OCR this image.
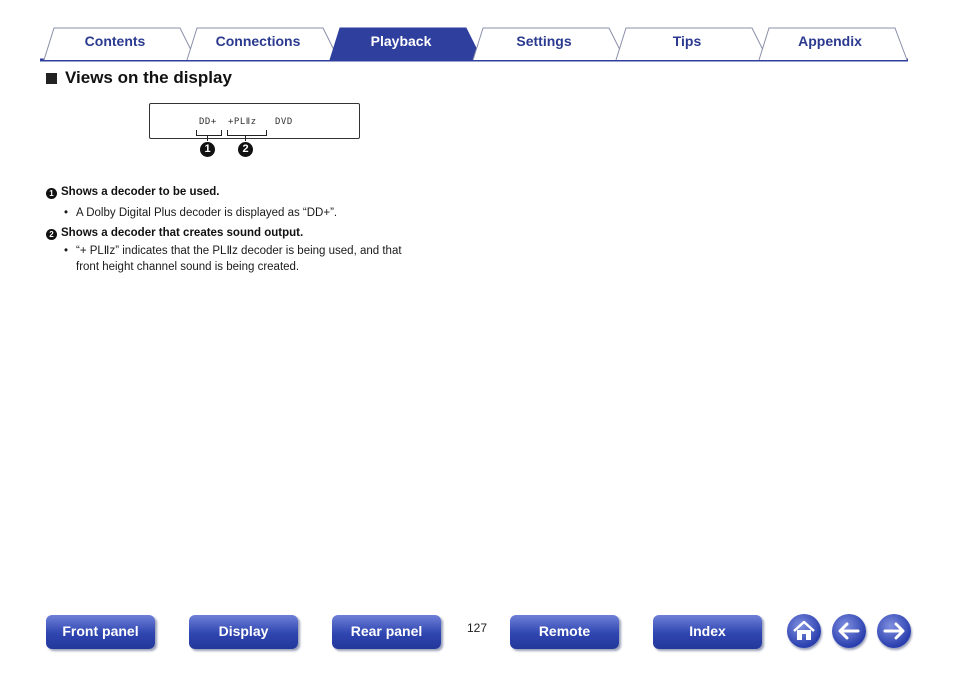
Contents	Connections	Playback	Settings	Tips	Appendix
Views on the display
DD+ +PLⅡz DVD
1	2
1 Shows a decoder to be used.
• A Dolby Digital Plus decoder is displayed as “DD+”.
2 Shows a decoder that creates sound output.
• “+ PLⅡz” indicates that the PLⅡz decoder is being used, and that
front height channel sound is being created.
Front panel	Display	Rear panel	127	Remote	Index
